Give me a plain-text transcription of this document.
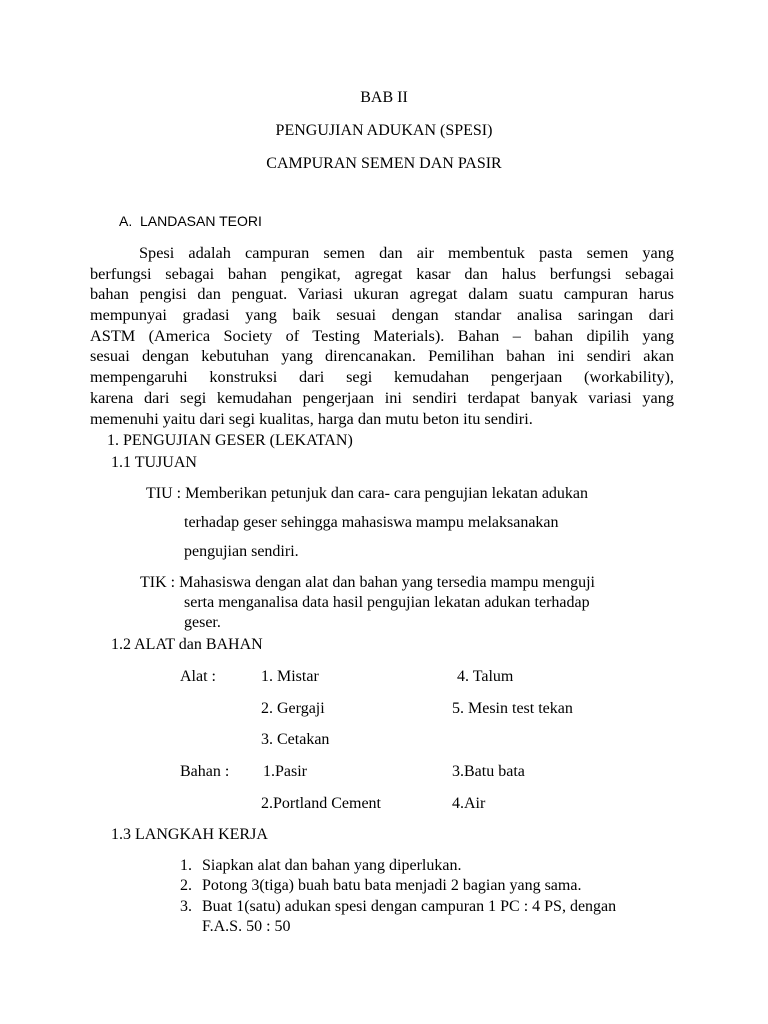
BAB II
PENGUJIAN ADUKAN (SPESI)
CAMPURAN SEMEN DAN PASIR
A. LANDASAN TEORI
Spesi adalah campuran semen dan air membentuk pasta semen yang
berfungsi sebagai bahan pengikat, agregat kasar dan halus berfungsi sebagai
bahan pengisi dan penguat. Variasi ukuran agregat dalam suatu campuran harus
mempunyai gradasi yang baik sesuai dengan standar analisa saringan dari
ASTM (America Society of Testing Materials). Bahan – bahan dipilih yang
sesuai dengan kebutuhan yang direncanakan. Pemilihan bahan ini sendiri akan
mempengaruhi konstruksi dari segi kemudahan pengerjaan (workability),
karena dari segi kemudahan pengerjaan ini sendiri terdapat banyak variasi yang
memenuhi yaitu dari segi kualitas, harga dan mutu beton itu sendiri.
1. PENGUJIAN GESER (LEKATAN)
1.1 TUJUAN
TIU : Memberikan petunjuk dan cara- cara pengujian lekatan adukan
terhadap geser sehingga mahasiswa mampu melaksanakan
pengujian sendiri.
TIK : Mahasiswa dengan alat dan bahan yang tersedia mampu menguji
serta menganalisa data hasil pengujian lekatan adukan terhadap
geser.
1.2 ALAT dan BAHAN
Alat :	1. Mistar	4. Talum
2. Gergaji	5. Mesin test tekan
3. Cetakan
Bahan : 1.Pasir	3.Batu bata
2.Portland Cement	4.Air
1.3 LANGKAH KERJA
1. Siapkan alat dan bahan yang diperlukan.
2. Potong 3(tiga) buah batu bata menjadi 2 bagian yang sama.
3. Buat 1(satu) adukan spesi dengan campuran 1 PC : 4 PS, dengan
F.A.S. 50 : 50
